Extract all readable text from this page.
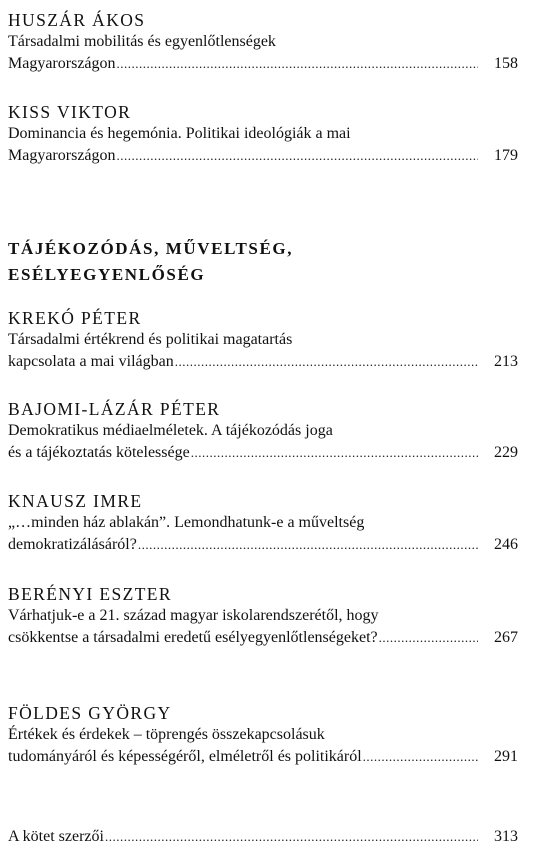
HUSZÁR ÁKOS
Társadalmi mobilitás és egyenlőtlenségek
Magyarországon .....	158
KISS VIKTOR
Dominancia és hegemónia. Politikai ideológiák a mai
Magyarországon .....	179
TÁJÉKOZÓDÁS, MŰVELTSÉG,
ESÉLYEGYENLŐSÉG
KREKÓ PÉTER
Társadalmi értékrend és politikai magatartás
kapcsolata a mai világban .....	213
BAJOMI-LÁZÁR PÉTER
Demokratikus médiaelméletek. A tájékozódás joga
és a tájékoztatás kötelessége .....	229
KNAUSZ IMRE
„…minden ház ablakán”. Lemondhatunk-e a műveltség
demokratizálásáról? .....	246
BERÉNYI ESZTER
Várhatjuk-e a 21. század magyar iskolarendszerétől, hogy
csökkentse a társadalmi eredetű esélyegyenlőtlenségeket? .....	267
FÖLDES GYÖRGY
Értékek és érdekek – töprengés összekapcsolásuk
tudományáról és képességéről, elméletről és politikáról .....	291
A kötet szerzői .....	313
